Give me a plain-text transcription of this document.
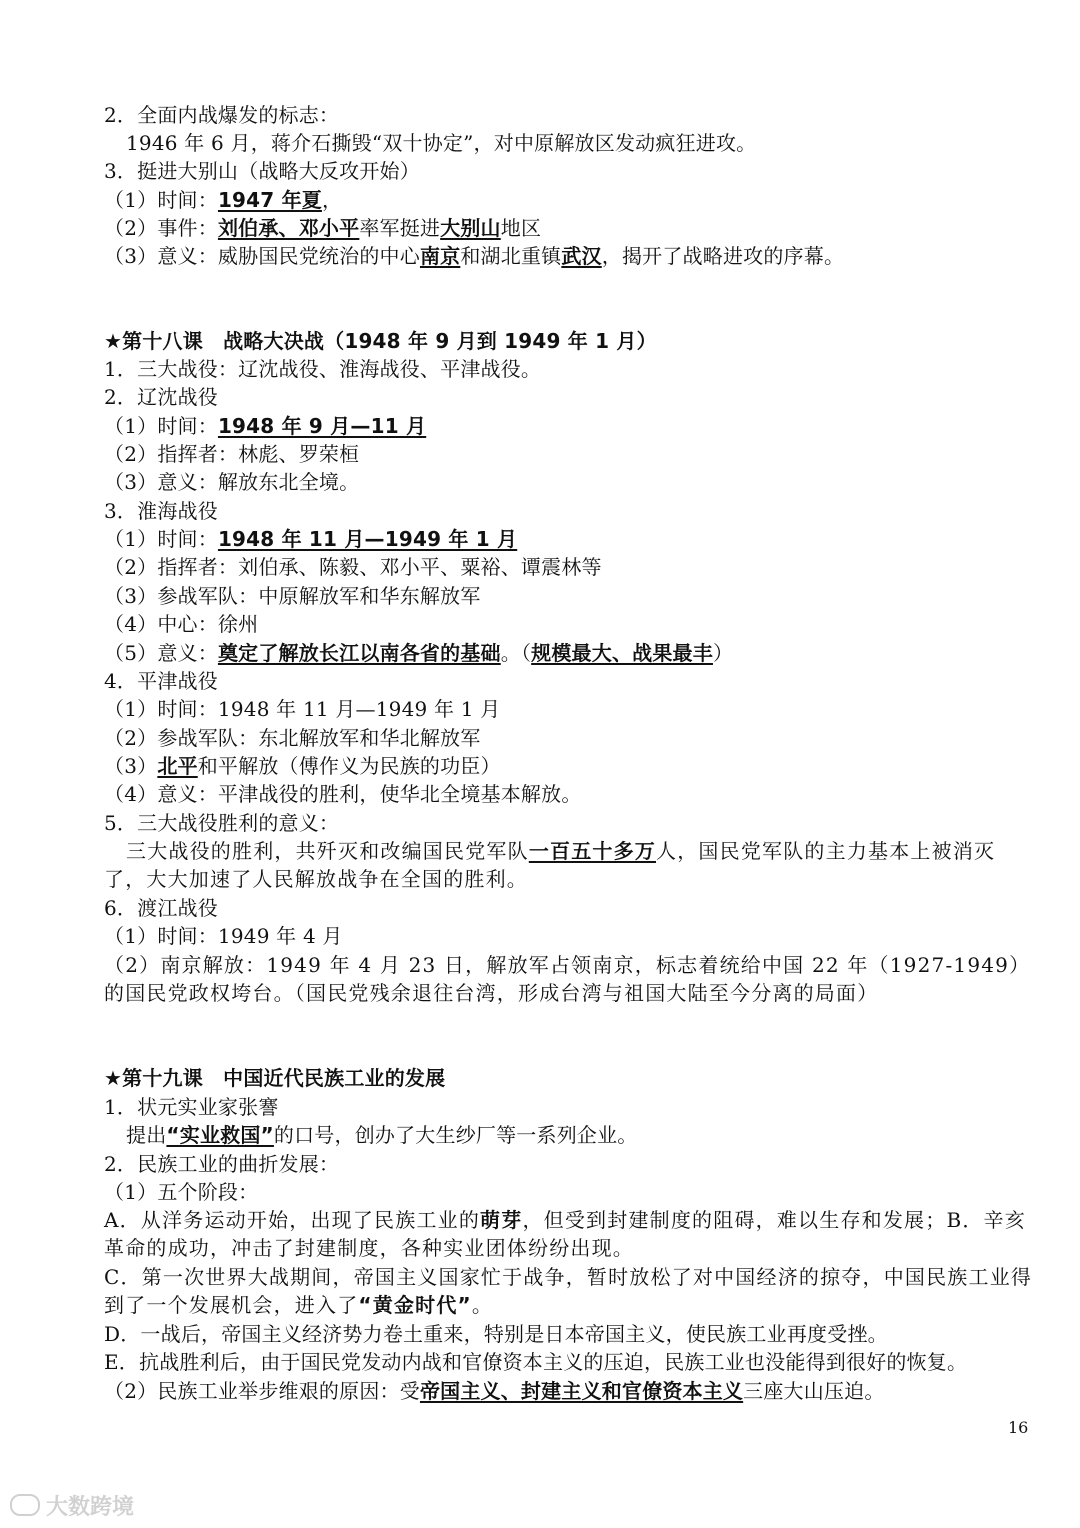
2．全面内战爆发的标志：
1946 年 6 月，蒋介石撕毁“双十协定”，对中原解放区发动疯狂进攻。
3．挺进大别山（战略大反攻开始）
（1）时间：1947 年夏，
（2）事件：刘伯承、邓小平率军挺进大别山地区
（3）意义：威胁国民党统治的中心南京和湖北重镇武汉，揭开了战略进攻的序幕。
★第十八课　战略大决战（1948 年 9 月到 1949 年 1 月）
1．三大战役：辽沈战役、淮海战役、平津战役。
2．辽沈战役
（1）时间：1948 年 9 月—11 月
（2）指挥者：林彪、罗荣桓
（3）意义：解放东北全境。
3．淮海战役
（1）时间：1948 年 11 月—1949 年 1 月
（2）指挥者：刘伯承、陈毅、邓小平、粟裕、谭震林等
（3）参战军队：中原解放军和华东解放军
（4）中心：徐州
（5）意义：奠定了解放长江以南各省的基础。（规模最大、战果最丰）
4．平津战役
（1）时间：1948 年 11 月—1949 年 1 月
（2）参战军队：东北解放军和华北解放军
（3）北平和平解放（傅作义为民族的功臣）
（4）意义：平津战役的胜利，使华北全境基本解放。
5．三大战役胜利的意义：
三大战役的胜利，共歼灭和改编国民党军队一百五十多万人，国民党军队的主力基本上被消灭了，大大加速了人民解放战争在全国的胜利。
6．渡江战役
（1）时间：1949 年 4 月
（2）南京解放：1949 年 4 月 23 日，解放军占领南京，标志着统给中国 22 年（1927-1949）的国民党政权垮台。（国民党残余退往台湾，形成台湾与祖国大陆至今分离的局面）
★第十九课　中国近代民族工业的发展
1．状元实业家张謇
提出“实业救国”的口号，创办了大生纱厂等一系列企业。
2．民族工业的曲折发展：
（1）五个阶段：
A．从洋务运动开始，出现了民族工业的萌芽，但受到封建制度的阻碍，难以生存和发展；B．辛亥革命的成功，冲击了封建制度，各种实业团体纷纷出现。
C．第一次世界大战期间，帝国主义国家忙于战争，暂时放松了对中国经济的掠夺，中国民族工业得到了一个发展机会，进入了“黄金时代”。
D．一战后，帝国主义经济势力卷土重来，特别是日本帝国主义，使民族工业再度受挫。
E．抗战胜利后，由于国民党发动内战和官僚资本主义的压迫，民族工业也没能得到很好的恢复。
（2）民族工业举步维艰的原因：受帝国主义、封建主义和官僚资本主义三座大山压迫。
16
大数跨境
